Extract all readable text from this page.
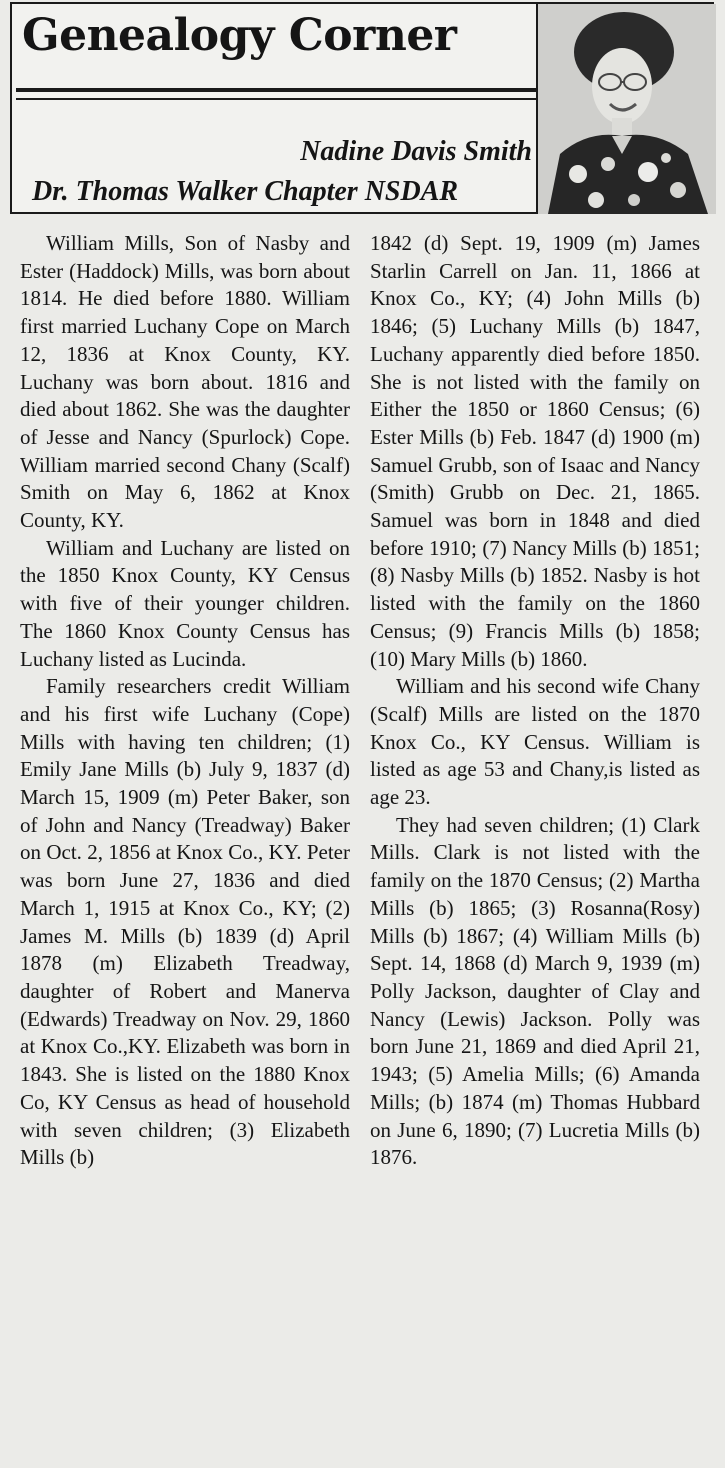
Genealogy Corner
Nadine Davis Smith
Dr. Thomas Walker Chapter NSDAR

William Mills, Son of Nasby and Ester (Haddock) Mills, was born about 1814. He died before 1880. William first married Luchany Cope on March 12, 1836 at Knox County, KY. Luchany was born about. 1816 and died about 1862. She was the daughter of Jesse and Nancy (Spurlock) Cope. William married second Chany (Scalf) Smith on May 6, 1862 at Knox County, KY.

William and Luchany are listed on the 1850 Knox County, KY Census with five of their younger children. The 1860 Knox County Census has Luchany listed as Lucinda.

Family researchers credit William and his first wife Luchany (Cope) Mills with having ten children; (1) Emily Jane Mills (b) July 9, 1837 (d) March 15, 1909 (m) Peter Baker, son of John and Nancy (Treadway) Baker on Oct. 2, 1856 at Knox Co., KY. Peter was born June 27, 1836 and died March 1, 1915 at Knox Co., KY; (2) James M. Mills (b) 1839 (d) April 1878 (m) Elizabeth Treadway, daughter of Robert and Manerva (Edwards) Treadway on Nov. 29, 1860 at Knox Co.,KY. Elizabeth was born in 1843. She is listed on the 1880 Knox Co, KY Census as head of household with seven children; (3) Elizabeth Mills (b)

1842 (d) Sept. 19, 1909 (m) James Starlin Carrell on Jan. 11, 1866 at Knox Co., KY; (4) John Mills (b) 1846; (5) Luchany Mills (b) 1847, Luchany apparently died before 1850. She is not listed with the family on Either the 1850 or 1860 Census; (6) Ester Mills (b) Feb. 1847 (d) 1900 (m) Samuel Grubb, son of Isaac and Nancy (Smith) Grubb on Dec. 21, 1865. Samuel was born in 1848 and died before 1910; (7) Nancy Mills (b) 1851; (8) Nasby Mills (b) 1852. Nasby is hot listed with the family on the 1860 Census; (9) Francis Mills (b) 1858; (10) Mary Mills (b) 1860.

William and his second wife Chany (Scalf) Mills are listed on the 1870 Knox Co., KY Census. William is listed as age 53 and Chany,is listed as age 23.

They had seven children; (1) Clark Mills. Clark is not listed with the family on the 1870 Census; (2) Martha Mills (b) 1865; (3) Rosanna(Rosy) Mills (b) 1867; (4) William Mills (b) Sept. 14, 1868 (d) March 9, 1939 (m) Polly Jackson, daughter of Clay and Nancy (Lewis) Jackson. Polly was born June 21, 1869 and died April 21, 1943; (5) Amelia Mills; (6) Amanda Mills; (b) 1874 (m) Thomas Hubbard on June 6, 1890; (7) Lucretia Mills (b) 1876.
